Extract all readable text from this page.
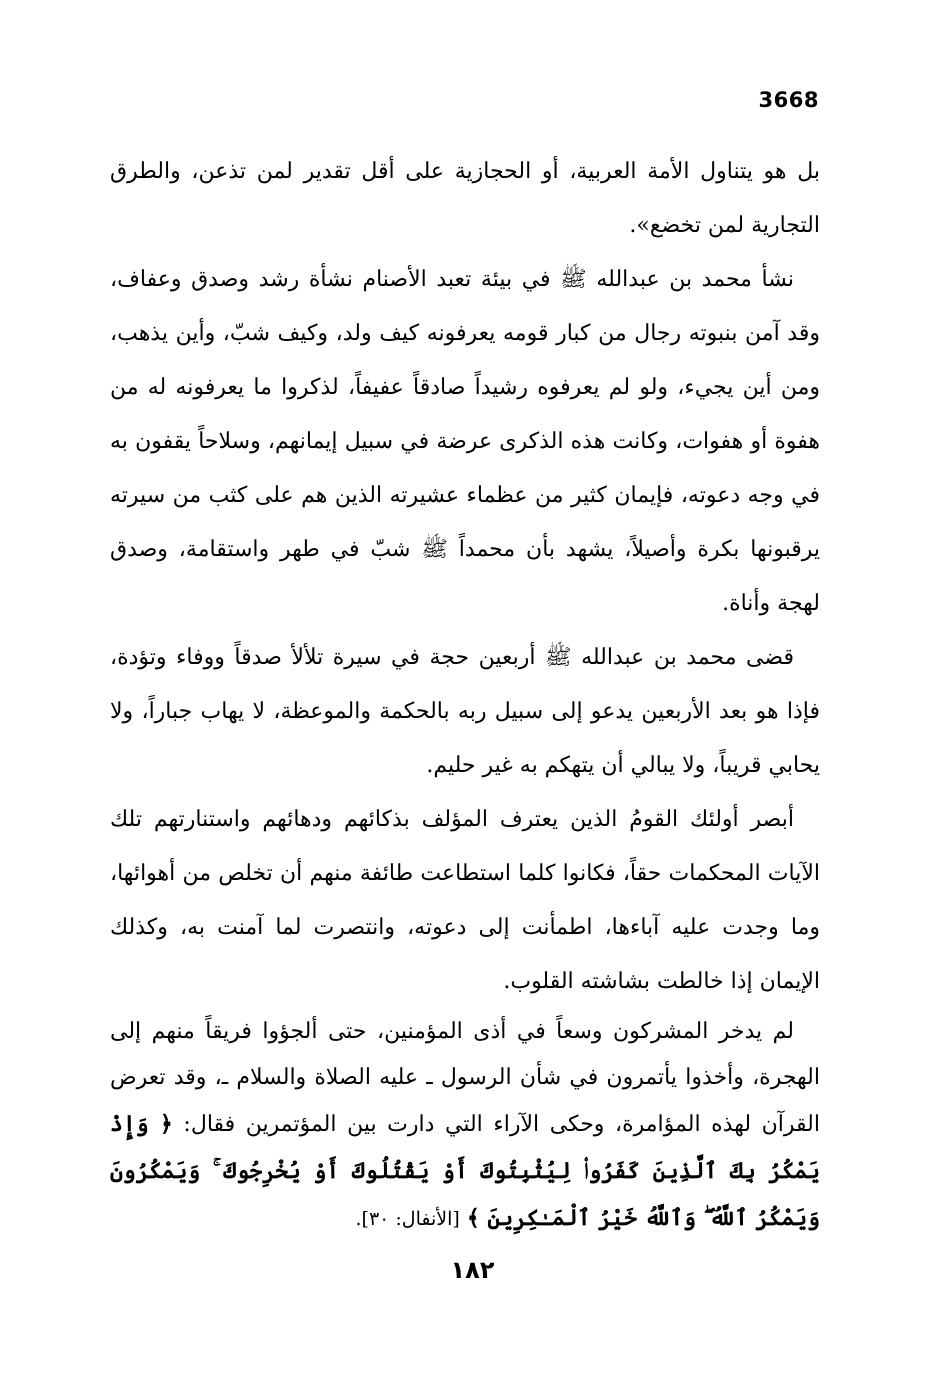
3668

بل هو يتناول الأمة العربية، أو الحجازية على أقل تقدير لمن تذعن، والطرق التجارية لمن تخضع».

نشأ محمد بن عبدالله ﷺ في بيئة تعبد الأصنام نشأة رشد وصدق وعفاف، وقد آمن بنبوته رجال من كبار قومه يعرفونه كيف ولد، وكيف شبّ، وأين يذهب، ومن أين يجيء، ولو لم يعرفوه رشيداً صادقاً عفيفاً، لذكروا ما يعرفونه له من هفوة أو هفوات، وكانت هذه الذكرى عرضة في سبيل إيمانهم، وسلاحاً يقفون به في وجه دعوته، فإيمان كثير من عظماء عشيرته الذين هم على كثب من سيرته يرقبونها بكرة وأصيلاً، يشهد بأن محمداً ﷺ شبّ في طهر واستقامة، وصدق لهجة وأناة.

قضى محمد بن عبدالله ﷺ أربعين حجة في سيرة تلألأ صدقاً ووفاء وتؤدة، فإذا هو بعد الأربعين يدعو إلى سبيل ربه بالحكمة والموعظة، لا يهاب جباراً، ولا يحابي قريباً، ولا يبالي أن يتهكم به غير حليم.

أبصر أولئك القومُ الذين يعترف المؤلف بذكائهم ودهائهم واستنارتهم تلك الآيات المحكمات حقاً، فكانوا كلما استطاعت طائفة منهم أن تخلص من أهوائها، وما وجدت عليه آباءها، اطمأنت إلى دعوته، وانتصرت لما آمنت به، وكذلك الإيمان إذا خالطت بشاشته القلوب.

لم يدخر المشركون وسعاً في أذى المؤمنين، حتى ألجؤوا فريقاً منهم إلى الهجرة، وأخذوا يأتمرون في شأن الرسول ـ عليه الصلاة والسلام ـ، وقد تعرض القرآن لهذه المؤامرة، وحكى الآراء التي دارت بين المؤتمرين فقال: ﴿ وَإِذْ يَمْكُرُ بِكَ ٱلَّذِينَ كَفَرُوا۟ لِيُثْبِتُوكَ أَوْ يَقْتُلُوكَ أَوْ يُخْرِجُوكَ ۚ وَيَمْكُرُونَ وَيَمْكُرُ ٱللَّهُ ۖ وَٱللَّهُ خَيْرُ ٱلْمَـٰكِرِينَ ﴾ [الأنفال: ٣٠].

١٨٢
